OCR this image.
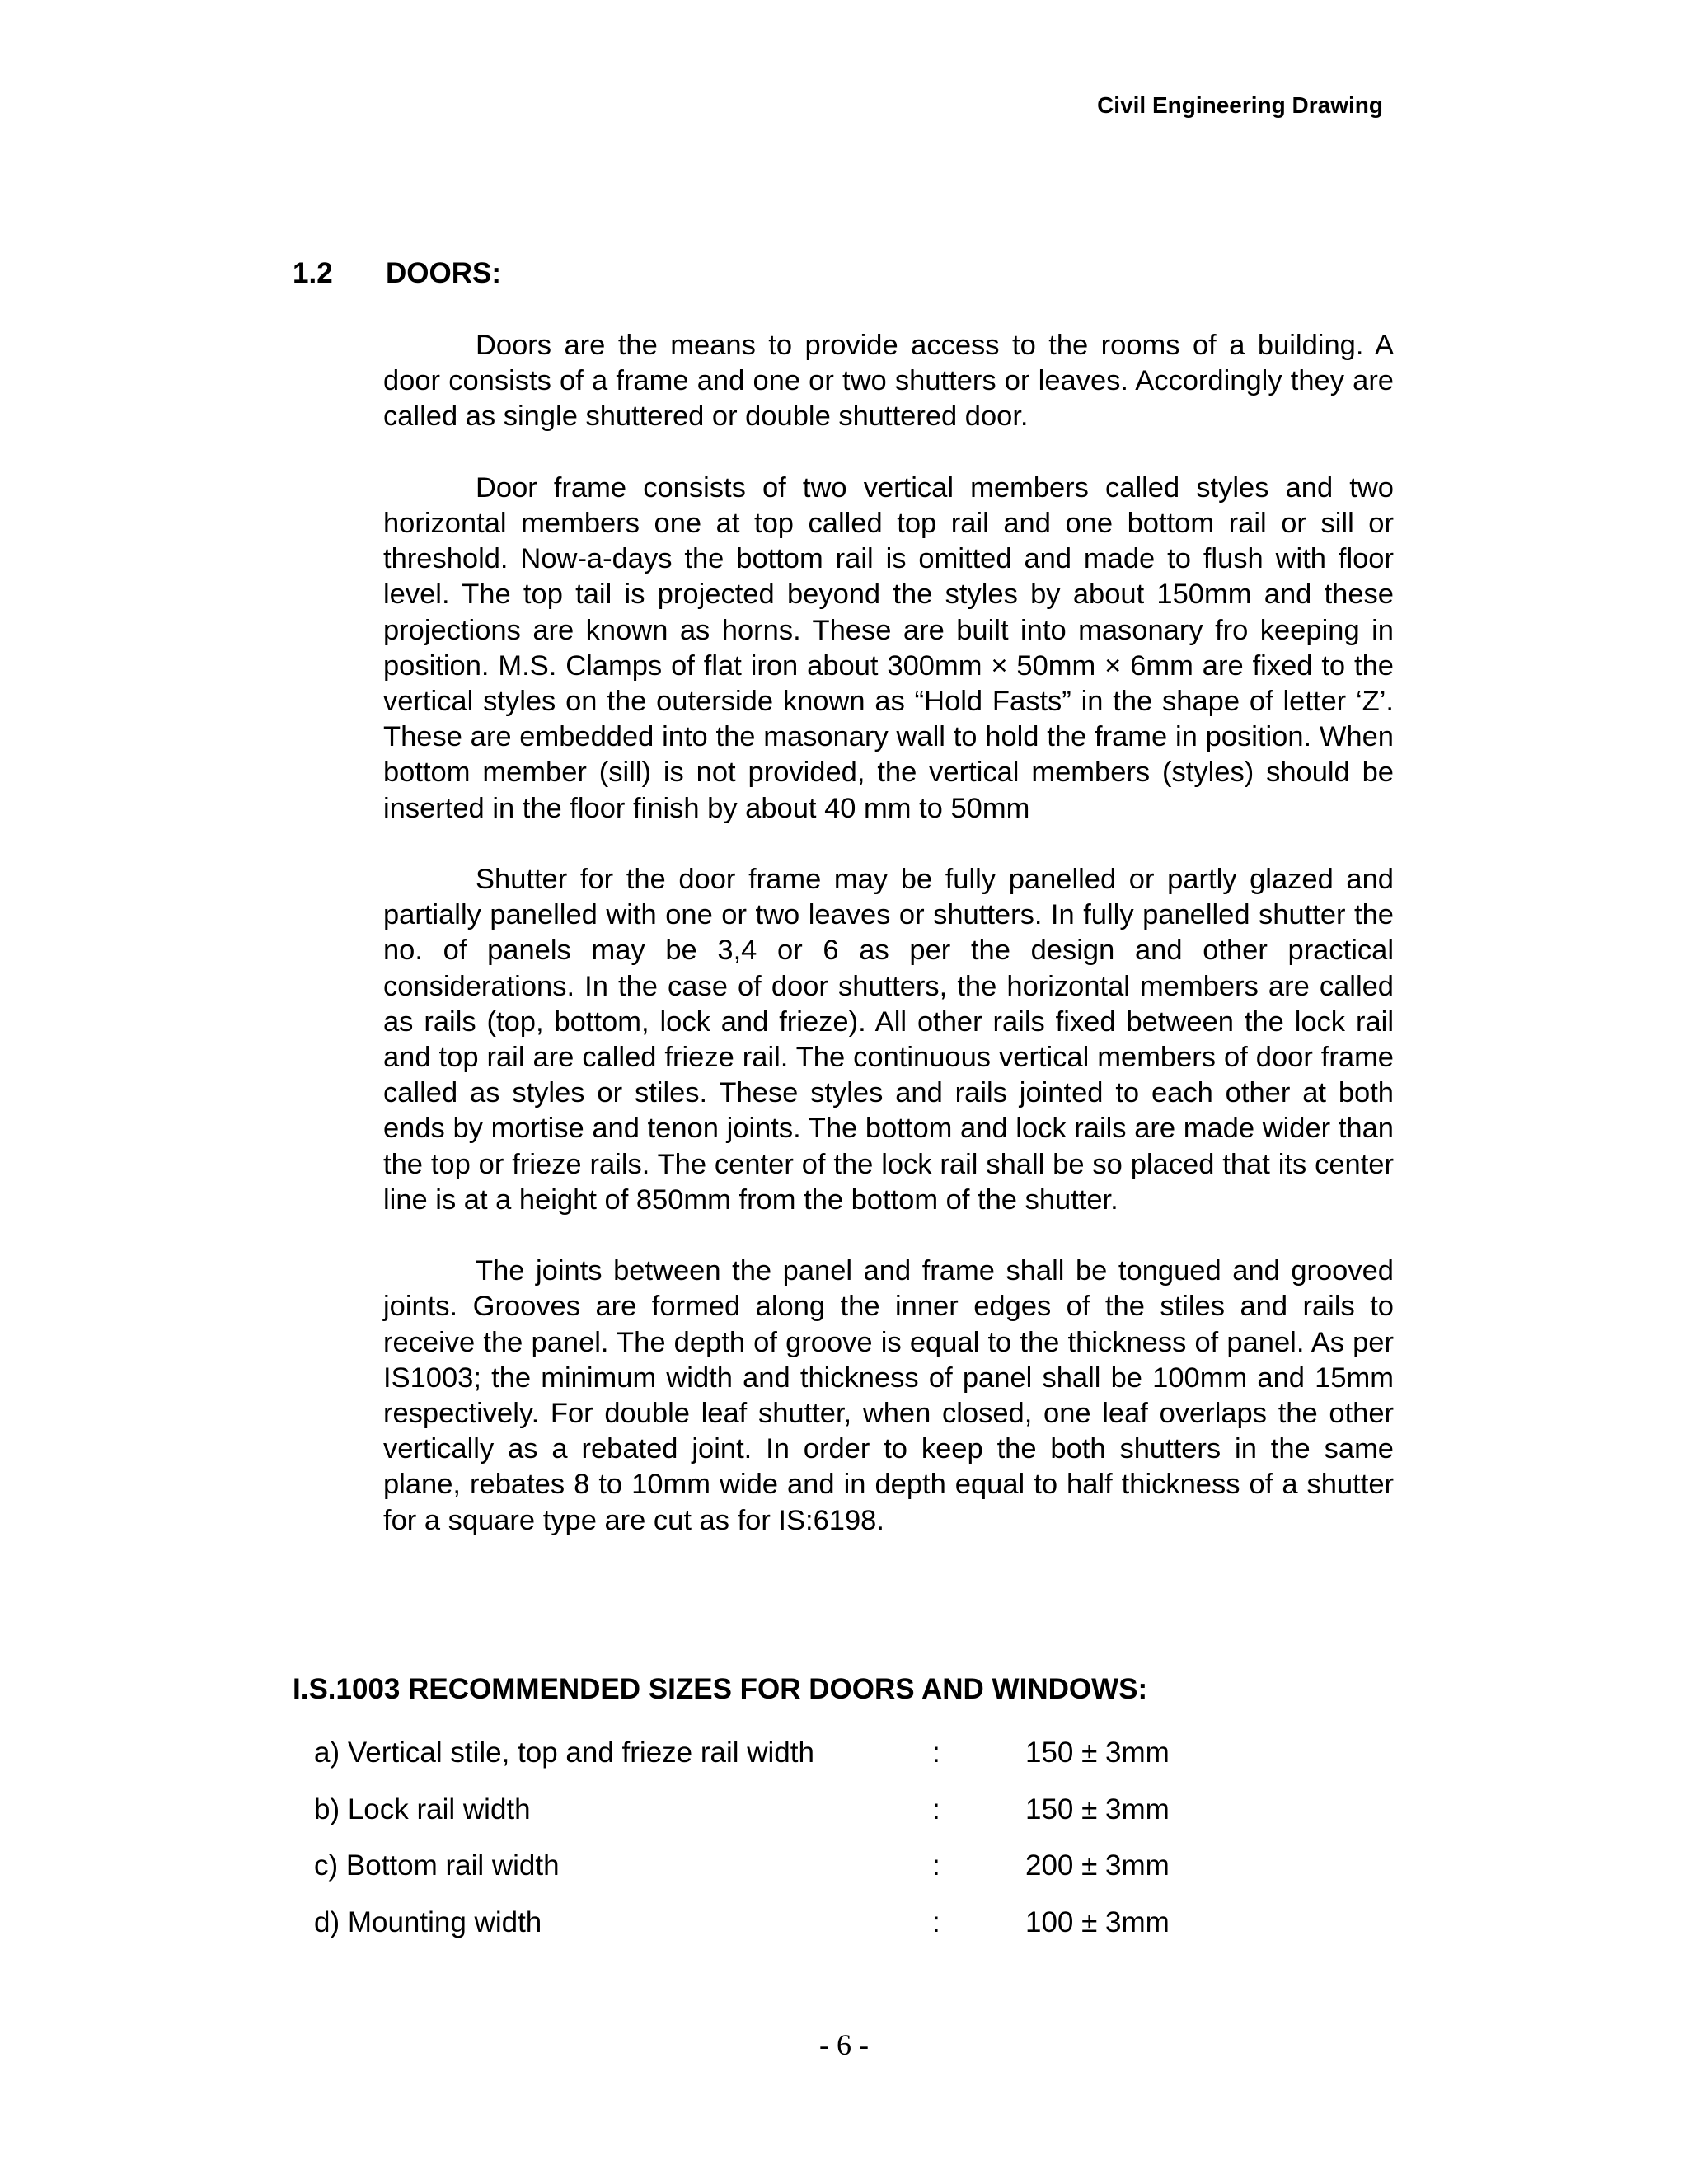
Civil Engineering Drawing
1.2 DOORS:

Doors are the means to provide access to the rooms of a building. A door consists of a frame and one or two shutters or leaves. Accordingly they are called as single shuttered or double shuttered door.

Door frame consists of two vertical members called styles and two horizontal members one at top called top rail and one bottom rail or sill or threshold. Now-a-days the bottom rail is omitted and made to flush with floor level. The top tail is projected beyond the styles by about 150mm and these projections are known as horns. These are built into masonary fro keeping in position. M.S. Clamps of flat iron about 300mm × 50mm × 6mm are fixed to the vertical styles on the outerside known as “Hold Fasts” in the shape of letter ‘Z’. These are embedded into the masonary wall to hold the frame in position. When bottom member (sill) is not provided, the vertical members (styles) should be inserted in the floor finish by about 40 mm to 50mm

Shutter for the door frame may be fully panelled or partly glazed and partially panelled with one or two leaves or shutters. In fully panelled shutter the no. of panels may be 3,4 or 6 as per the design and other practical considerations. In the case of door shutters, the horizontal members are called as rails (top, bottom, lock and frieze). All other rails fixed between the lock rail and top rail are called frieze rail. The continuous vertical members of door frame called as styles or stiles. These styles and rails jointed to each other at both ends by mortise and tenon joints. The bottom and lock rails are made wider than the top or frieze rails. The center of the lock rail shall be so placed that its center line is at a height of 850mm from the bottom of the shutter.

The joints between the panel and frame shall be tongued and grooved joints. Grooves are formed along the inner edges of the stiles and rails to receive the panel. The depth of groove is equal to the thickness of panel. As per IS1003; the minimum width and thickness of panel shall be 100mm and 15mm respectively. For double leaf shutter, when closed, one leaf overlaps the other vertically as a rebated joint. In order to keep the both shutters in the same plane, rebates 8 to 10mm wide and in depth equal to half thickness of a shutter for a square type are cut as for IS:6198.

I.S.1003 RECOMMENDED SIZES FOR DOORS AND WINDOWS:
a) Vertical stile, top and frieze rail width	:	150 ± 3mm
b) Lock rail width	:	150 ± 3mm
c) Bottom rail width	:	200 ± 3mm
d) Mounting width	:	100 ± 3mm
- 6 -
